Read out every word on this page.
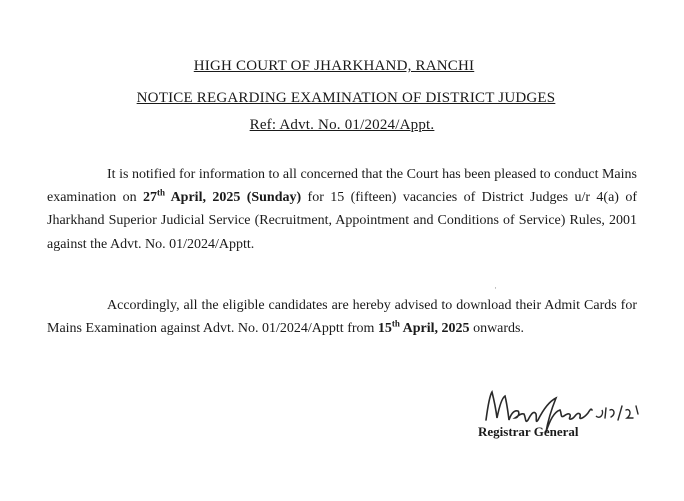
HIGH COURT OF JHARKHAND, RANCHI
NOTICE REGARDING EXAMINATION OF DISTRICT JUDGES
Ref: Advt. No. 01/2024/Appt.

It is notified for information to all concerned that the Court has been pleased to conduct Mains examination on 27th April, 2025 (Sunday) for 15 (fifteen) vacancies of District Judges u/r 4(a) of Jharkhand Superior Judicial Service (Recruitment, Appointment and Conditions of Service) Rules, 2001 against the Advt. No. 01/2024/Apptt.

·

Accordingly, all the eligible candidates are hereby advised to download their Admit Cards for Mains Examination against Advt. No. 01/2024/Apptt from 15th April, 2025 onwards.

Registrar General
